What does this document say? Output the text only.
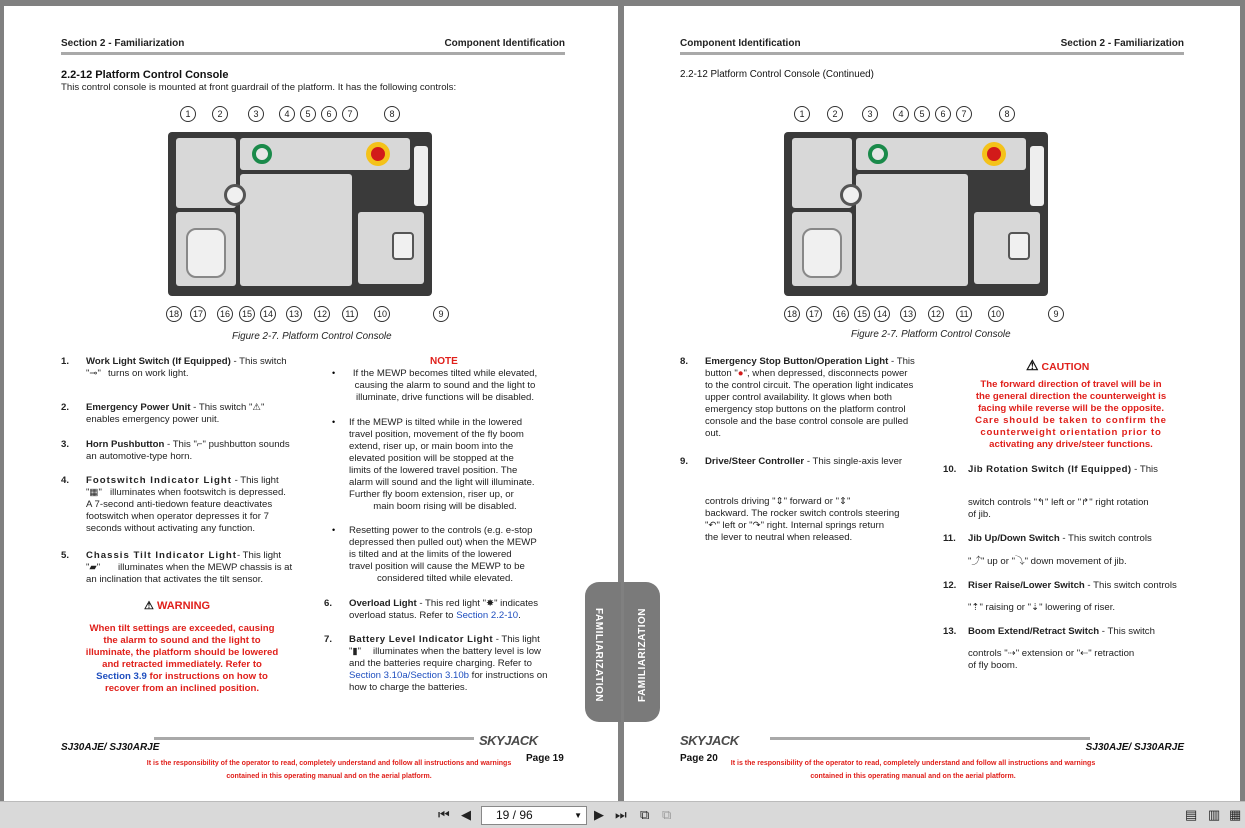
Section 2 - Familiarization	Component Identification
2.2-12 Platform Control Console
This control console is mounted at front guardrail of the platform. It has the following controls:
1	2	3	4	5	6	7	8
18	17	16	15	14	13	12	11	10	9
Figure 2-7. Platform Control Console
1. Work Light Switch (If Equipped) - This switch
"⊸" turns on work light.
2. Emergency Power Unit - This switch "⚠"
enables emergency power unit.
3. Horn Pushbutton - This "⌐" pushbutton sounds
an automotive-type horn.
4. Footswitch Indicator Light - This light
"▦" illuminates when footswitch is depressed.
A 7-second anti-tiedown feature deactivates
footswitch when operator depresses it for 7
seconds without activating any function.
5. Chassis Tilt Indicator Light- This light
"▰" illuminates when the MEWP chassis is at
an inclination that activates the tilt sensor.
⚠ WARNING
When tilt settings are exceeded, causing
the alarm to sound and the light to
illuminate, the platform should be lowered
and retracted immediately. Refer to
Section 3.9 for instructions on how to
recover from an inclined position.
NOTE
•	If the MEWP becomes tilted while elevated,
causing the alarm to sound and the light to
illuminate, drive functions will be disabled.
• If the MEWP is tilted while in the lowered
travel position, movement of the fly boom
extend, riser up, or main boom into the
elevated position will be stopped at the
limits of the lowered travel position. The
alarm will sound and the light will illuminate.
Further fly boom extension, riser up, or
main boom rising will be disabled.
• Resetting power to the controls (e.g. e-stop
depressed then pulled out) when the MEWP
is tilted and at the limits of the lowered
travel position will cause the MEWP to be
considered tilted while elevated.
6. Overload Light - This red light "✸" indicates
overload status. Refer to Section 2.2-10.
7. Battery Level Indicator Light - This light
"▮" illuminates when the battery level is low
and the batteries require charging. Refer to
Section 3.10a/Section 3.10b for instructions on
how to charge the batteries.
SJ30AJE/ SJ30ARJE	SKYJACK
It is the responsibility of the operator to read, completely understand and follow all instructions and warnings
contained in this operating manual and on the aerial platform.
Page 19
Component Identification	Section 2 - Familiarization
2.2-12 Platform Control Console (Continued)
1	2	3	4	5	6	7	8
18	17	16	15	14	13	12	11	10	9
Figure 2-7. Platform Control Console
8. Emergency Stop Button/Operation Light - This
button "●", when depressed, disconnects power
to the control circuit. The operation light indicates
upper control availability. It glows when both
emergency stop buttons on the platform control
console and the base control console are pulled
out.
9. Drive/Steer Controller - This single-axis lever
controls driving "⇕" forward or "⇕"
backward. The rocker switch controls steering
"↶" left or "↷" right. Internal springs return
the lever to neutral when released.
⚠ CAUTION
The forward direction of travel will be in
the general direction the counterweight is
facing while reverse will be the opposite.
Care should be taken to confirm the
counterweight orientation prior to
activating any drive/steer functions.
10. Jib Rotation Switch (If Equipped) - This
switch controls "↰" left or "↱" right rotation
of jib.
11. Jib Up/Down Switch - This switch controls
"⤴" up or "⤵" down movement of jib.
12. Riser Raise/Lower Switch - This switch controls
"⇡" raising or "⇣" lowering of riser.
13. Boom Extend/Retract Switch - This switch
controls "⇢" extension or "⇠" retraction
of fly boom.
SKYJACK	SJ30AJE/ SJ30ARJE
Page 20	It is the responsibility of the operator to read, completely understand and follow all instructions and warnings
contained in this operating manual and on the aerial platform.
FAMILIARIZATION	FAMILIARIZATION
⏮ ◀	19 / 96	▼ ▶ ⏭ ⧉ ⧉	▤ ▥ ▦
